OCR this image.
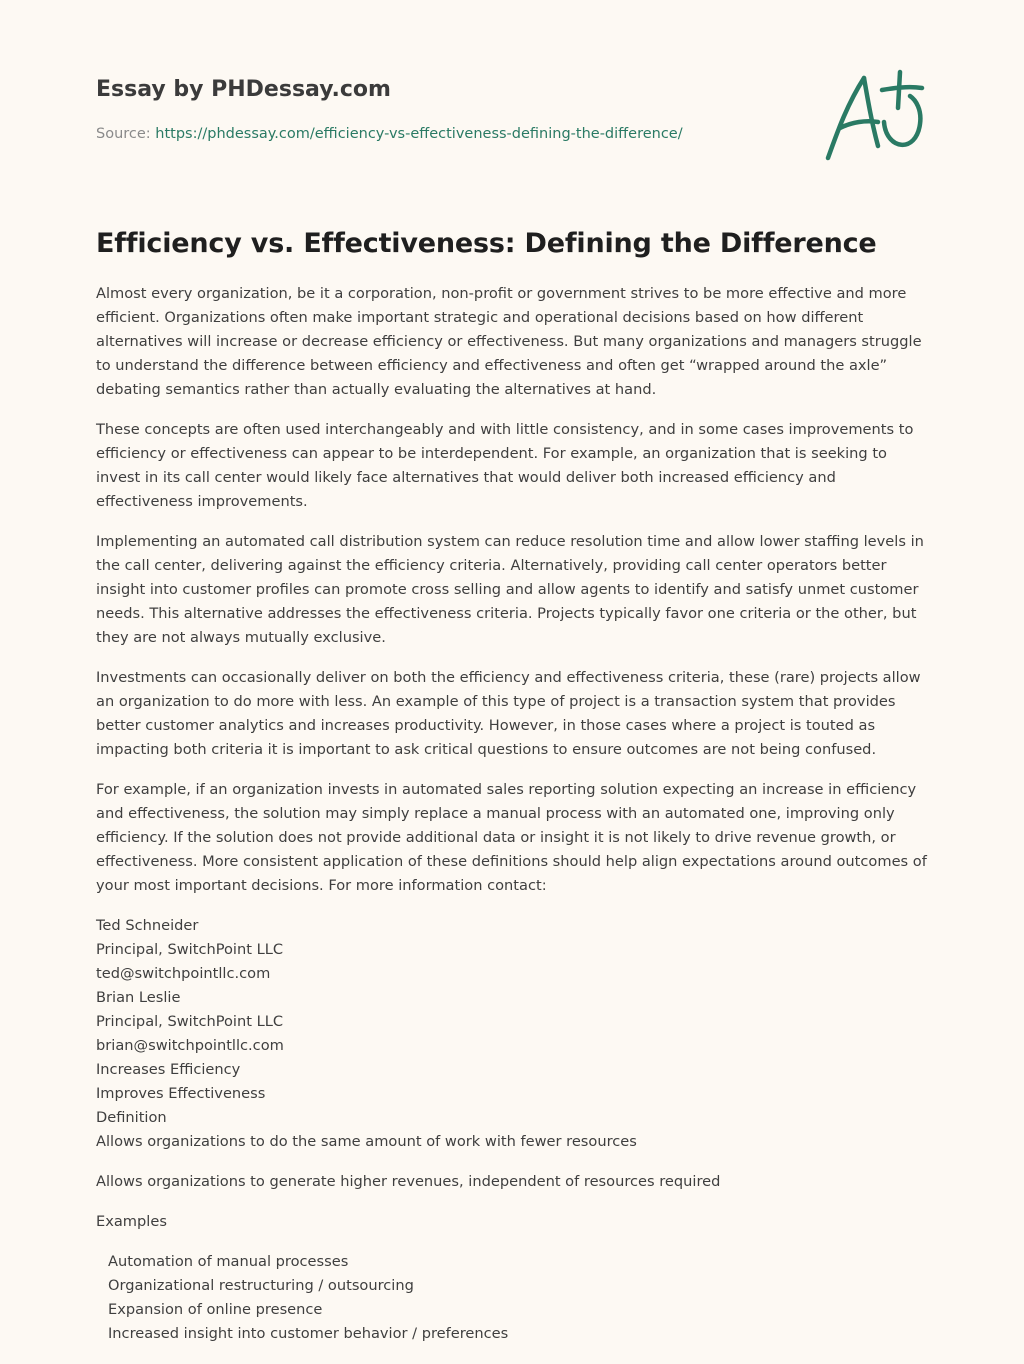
Essay by PHDessay.com
Source: https://phdessay.com/efficiency-vs-effectiveness-defining-the-difference/
Efficiency vs. Effectiveness: Defining the Difference

Almost every organization, be it a corporation, non-profit or government strives to be more effective and more efficient. Organizations often make important strategic and operational decisions based on how different alternatives will increase or decrease efficiency or effectiveness. But many organizations and managers struggle to understand the difference between efficiency and effectiveness and often get “wrapped around the axle” debating semantics rather than actually evaluating the alternatives at hand.

These concepts are often used interchangeably and with little consistency, and in some cases improvements to efficiency or effectiveness can appear to be interdependent. For example, an organization that is seeking to invest in its call center would likely face alternatives that would deliver both increased efficiency and effectiveness improvements.

Implementing an automated call distribution system can reduce resolution time and allow lower staffing levels in the call center, delivering against the efficiency criteria. Alternatively, providing call center operators better insight into customer profiles can promote cross selling and allow agents to identify and satisfy unmet customer needs. This alternative addresses the effectiveness criteria. Projects typically favor one criteria or the other, but they are not always mutually exclusive.

Investments can occasionally deliver on both the efficiency and effectiveness criteria, these (rare) projects allow an organization to do more with less. An example of this type of project is a transaction system that provides better customer analytics and increases productivity. However, in those cases where a project is touted as impacting both criteria it is important to ask critical questions to ensure outcomes are not being confused.

For example, if an organization invests in automated sales reporting solution expecting an increase in efficiency and effectiveness, the solution may simply replace a manual process with an automated one, improving only efficiency. If the solution does not provide additional data or insight it is not likely to drive revenue growth, or effectiveness. More consistent application of these definitions should help align expectations around outcomes of your most important decisions. For more information contact:

Ted Schneider
Principal, SwitchPoint LLC
ted@switchpointllc.com
Brian Leslie
Principal, SwitchPoint LLC
brian@switchpointllc.com
Increases Efficiency
Improves Effectiveness
Definition
Allows organizations to do the same amount of work with fewer resources

Allows organizations to generate higher revenues, independent of resources required

Examples

Automation of manual processes
Organizational restructuring / outsourcing
Expansion of online presence
Increased insight into customer behavior / preferences
